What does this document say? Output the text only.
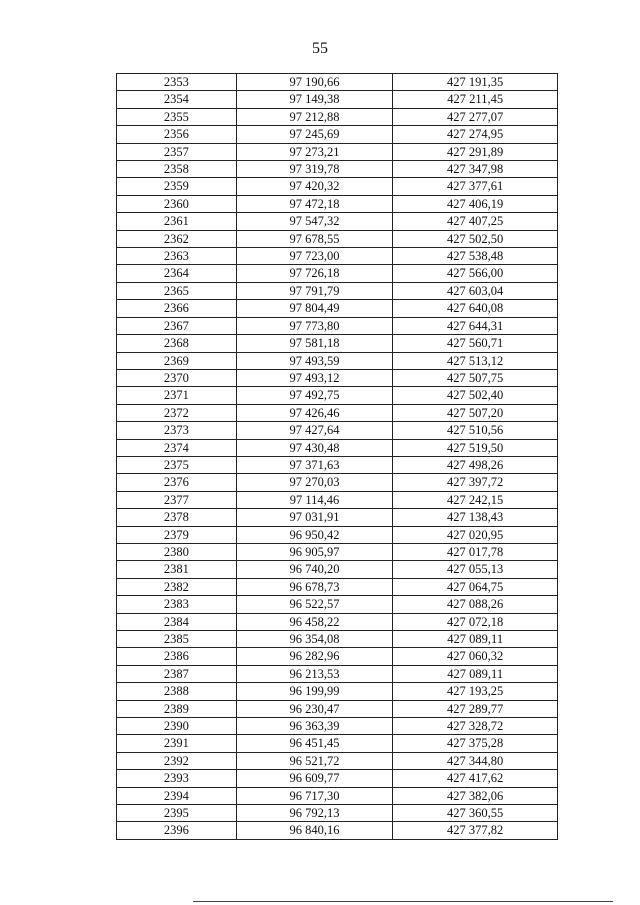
55
2353	97 190,66	427 191,35
2354	97 149,38	427 211,45
2355	97 212,88	427 277,07
2356	97 245,69	427 274,95
2357	97 273,21	427 291,89
2358	97 319,78	427 347,98
2359	97 420,32	427 377,61
2360	97 472,18	427 406,19
2361	97 547,32	427 407,25
2362	97 678,55	427 502,50
2363	97 723,00	427 538,48
2364	97 726,18	427 566,00
2365	97 791,79	427 603,04
2366	97 804,49	427 640,08
2367	97 773,80	427 644,31
2368	97 581,18	427 560,71
2369	97 493,59	427 513,12
2370	97 493,12	427 507,75
2371	97 492,75	427 502,40
2372	97 426,46	427 507,20
2373	97 427,64	427 510,56
2374	97 430,48	427 519,50
2375	97 371,63	427 498,26
2376	97 270,03	427 397,72
2377	97 114,46	427 242,15
2378	97 031,91	427 138,43
2379	96 950,42	427 020,95
2380	96 905,97	427 017,78
2381	96 740,20	427 055,13
2382	96 678,73	427 064,75
2383	96 522,57	427 088,26
2384	96 458,22	427 072,18
2385	96 354,08	427 089,11
2386	96 282,96	427 060,32
2387	96 213,53	427 089,11
2388	96 199,99	427 193,25
2389	96 230,47	427 289,77
2390	96 363,39	427 328,72
2391	96 451,45	427 375,28
2392	96 521,72	427 344,80
2393	96 609,77	427 417,62
2394	96 717,30	427 382,06
2395	96 792,13	427 360,55
2396	96 840,16	427 377,82
